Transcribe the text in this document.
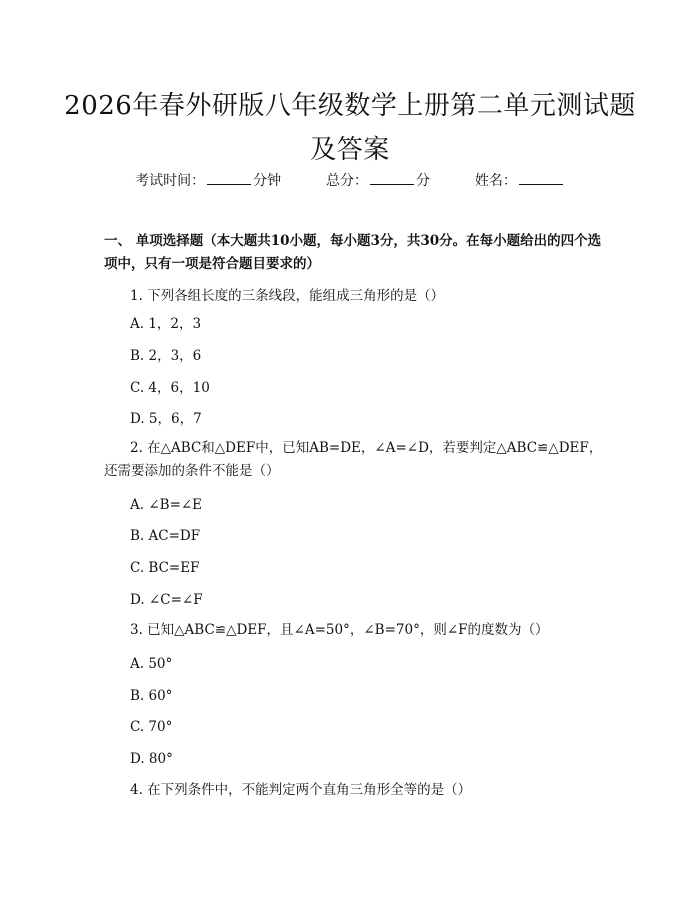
2026年春外研版八年级数学上册第二单元测试题及答案
考试时间：	分钟	总分：	分	姓名：
一、 单项选择题（本大题共10小题，每小题3分，共30分。在每小题给出的四个选项中，只有一项是符合题目要求的）
1. 下列各组长度的三条线段，能组成三角形的是（）
A. 1，2，3
B. 2，3，6
C. 4，6，10
D. 5，6，7
2. 在△ABC和△DEF中，已知AB=DE，∠A=∠D，若要判定△ABC≌△DEF，还需要添加的条件不能是（）
A. ∠B=∠E
B. AC=DF
C. BC=EF
D. ∠C=∠F
3. 已知△ABC≌△DEF，且∠A=50°，∠B=70°，则∠F的度数为（）
A. 50°
B. 60°
C. 70°
D. 80°
4. 在下列条件中，不能判定两个直角三角形全等的是（）
